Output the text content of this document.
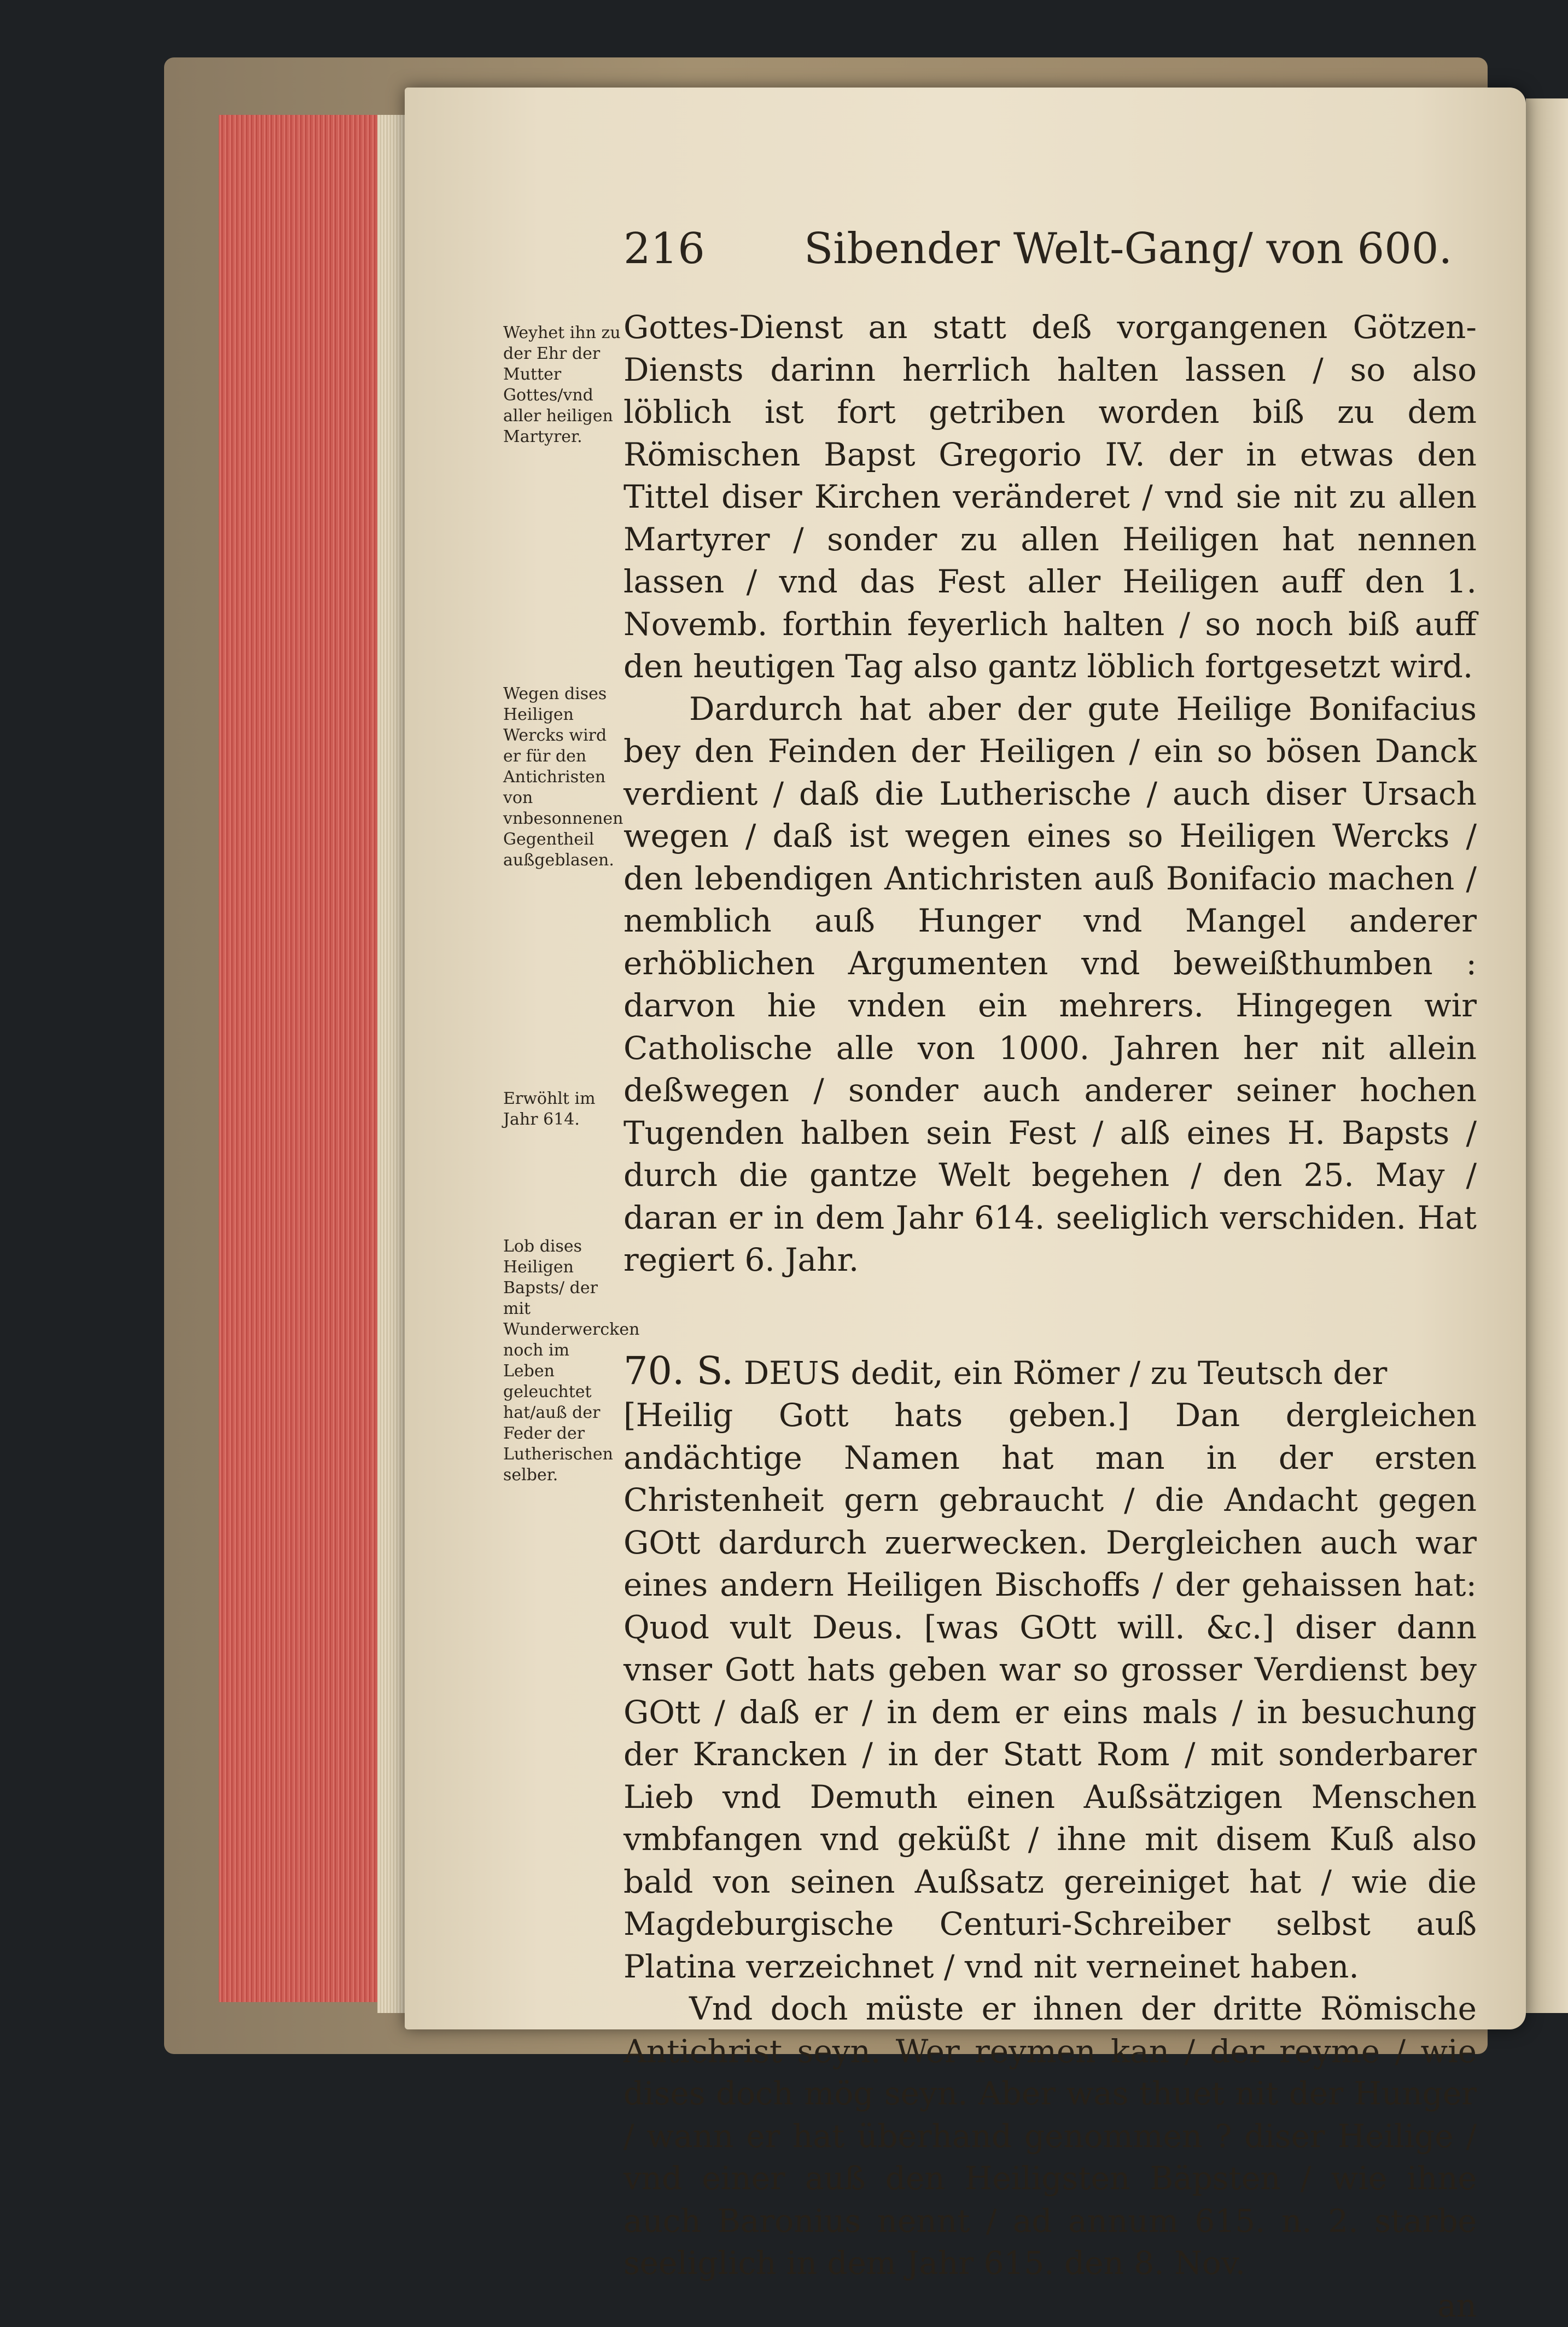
216 Sibender Welt-Gang/ von 600.
Weyhet ihn zu der Ehr der Mutter Gottes/vnd aller heiligen Martyrer.
Wegen dises Heiligen Wercks wird er für den Antichristen von vnbesonnenen Gegentheil außgeblasen.
Erwöhlt im Jahr 614.
Lob dises Heiligen Bapsts/ der mit Wunderwercken noch im Leben geleuchtet hat/auß der Feder der Lutherischen selber.

Gottes-Dienst an statt deß vorgangenen Götzen-Diensts darinn herrlich halten lassen / so also löblich ist fort getriben worden biß zu dem Römischen Bapst Gregorio IV. der in etwas den Tittel diser Kirchen veränderet / vnd sie nit zu allen Martyrer / sonder zu allen Heiligen hat nennen lassen / vnd das Fest aller Heiligen auff den 1. Novemb. forthin feyerlich halten / so noch biß auff den heutigen Tag also gantz löblich fortgesetzt wird.

Dardurch hat aber der gute Heilige Bonifacius bey den Feinden der Heiligen / ein so bösen Danck verdient / daß die Lutherische / auch diser Ursach wegen / daß ist wegen eines so Heiligen Wercks / den lebendigen Antichristen auß Bonifacio machen / nemblich auß Hunger vnd Mangel anderer erhöblichen Argumenten vnd beweißthumben : darvon hie vnden ein mehrers. Hingegen wir Catholische alle von 1000. Jahren her nit allein deßwegen / sonder auch anderer seiner hochen Tugenden halben sein Fest / alß eines H. Bapsts / durch die gantze Welt begehen / den 25. May / daran er in dem Jahr 614. seeliglich verschiden. Hat regiert 6. Jahr.

70. S. DEUS dedit, ein Römer / zu Teutsch der

[Heilig Gott hats geben.] Dan dergleichen andächtige Namen hat man in der ersten Christenheit gern gebraucht / die Andacht gegen GOtt dardurch zuerwecken. Dergleichen auch war eines andern Heiligen Bischoffs / der gehaissen hat: Quod vult Deus. [was GOtt will. &c.] diser dann vnser Gott hats geben war so grosser Verdienst bey GOtt / daß er / in dem er eins mals / in besuchung der Krancken / in der Statt Rom / mit sonderbarer Lieb vnd Demuth einen Außsätzigen Menschen vmbfangen vnd geküßt / ihne mit disem Kuß also bald von seinen Außsatz gereiniget hat / wie die Magdeburgische Centuri-Schreiber selbst auß Platina verzeichnet / vnd nit verneinet haben.

Vnd doch müste er ihnen der dritte Römische Antichrist seyn. Wer reymen kan / der reyme / wie dises doch mög seyn. Aber was thuet nit der Hunger / wann er hat überhand genommen ? diser Heilige / vnd einer auß den Heiligsten Bäpsten / wie ihne auch Baronius nennt / ad annum 615. n. 2. starbe seeliglich in dem Jahr 615. den 8. Nov.

an
